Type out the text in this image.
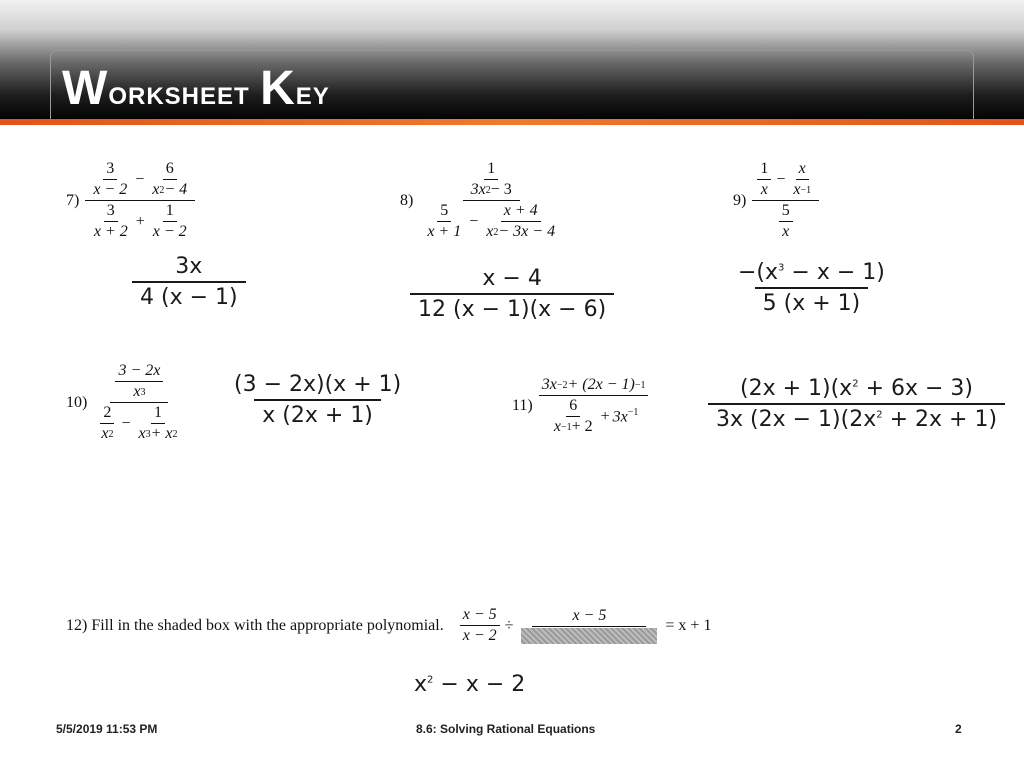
Worksheet Key
$7) \frac{\frac{3}{x - 2} - \frac{6}{x 2 - 4}}{\frac{3}{x + 2} + \frac{1}{x - 2}}$
3x
4 (x − 1)
$8) \frac{\frac{1}{3x 2 - 3}}{\frac{5}{x + 1} - \frac{x + 4}{x 2 - 3x - 4}}$
x − 4
12 (x − 1)(x − 6)
$9) \frac{\frac{1}{x} - \frac{x}{x -1}}{\frac{5}{x}}$
$-(x^3 - x - 1)$
5 (x + 1)
$10) \frac{\frac{3 - 2x}{x 3}}{\frac{2}{x 2} - \frac{1}{x 3 + x 2}}$	(3 − 2x)(x + 1)
x (2x + 1)	$11) \frac{3x -2 + (2x - 1) -1}{\frac{6}{x -1 + 2} + 3x^{-1}}$	$(2x + 1)(x^2 + 6x - 3)$
3x $(2x - 1)(2x^2 + 2x + 1)$
12) Fill in the shaded box with the appropriate polynomial. $\frac{x - 5}{x - 2}$ ÷
x − 5
= x + 1
$x^2 - x - 2$
5/5/2019 11:53 PM	8.6: Solving Rational Equations	2
